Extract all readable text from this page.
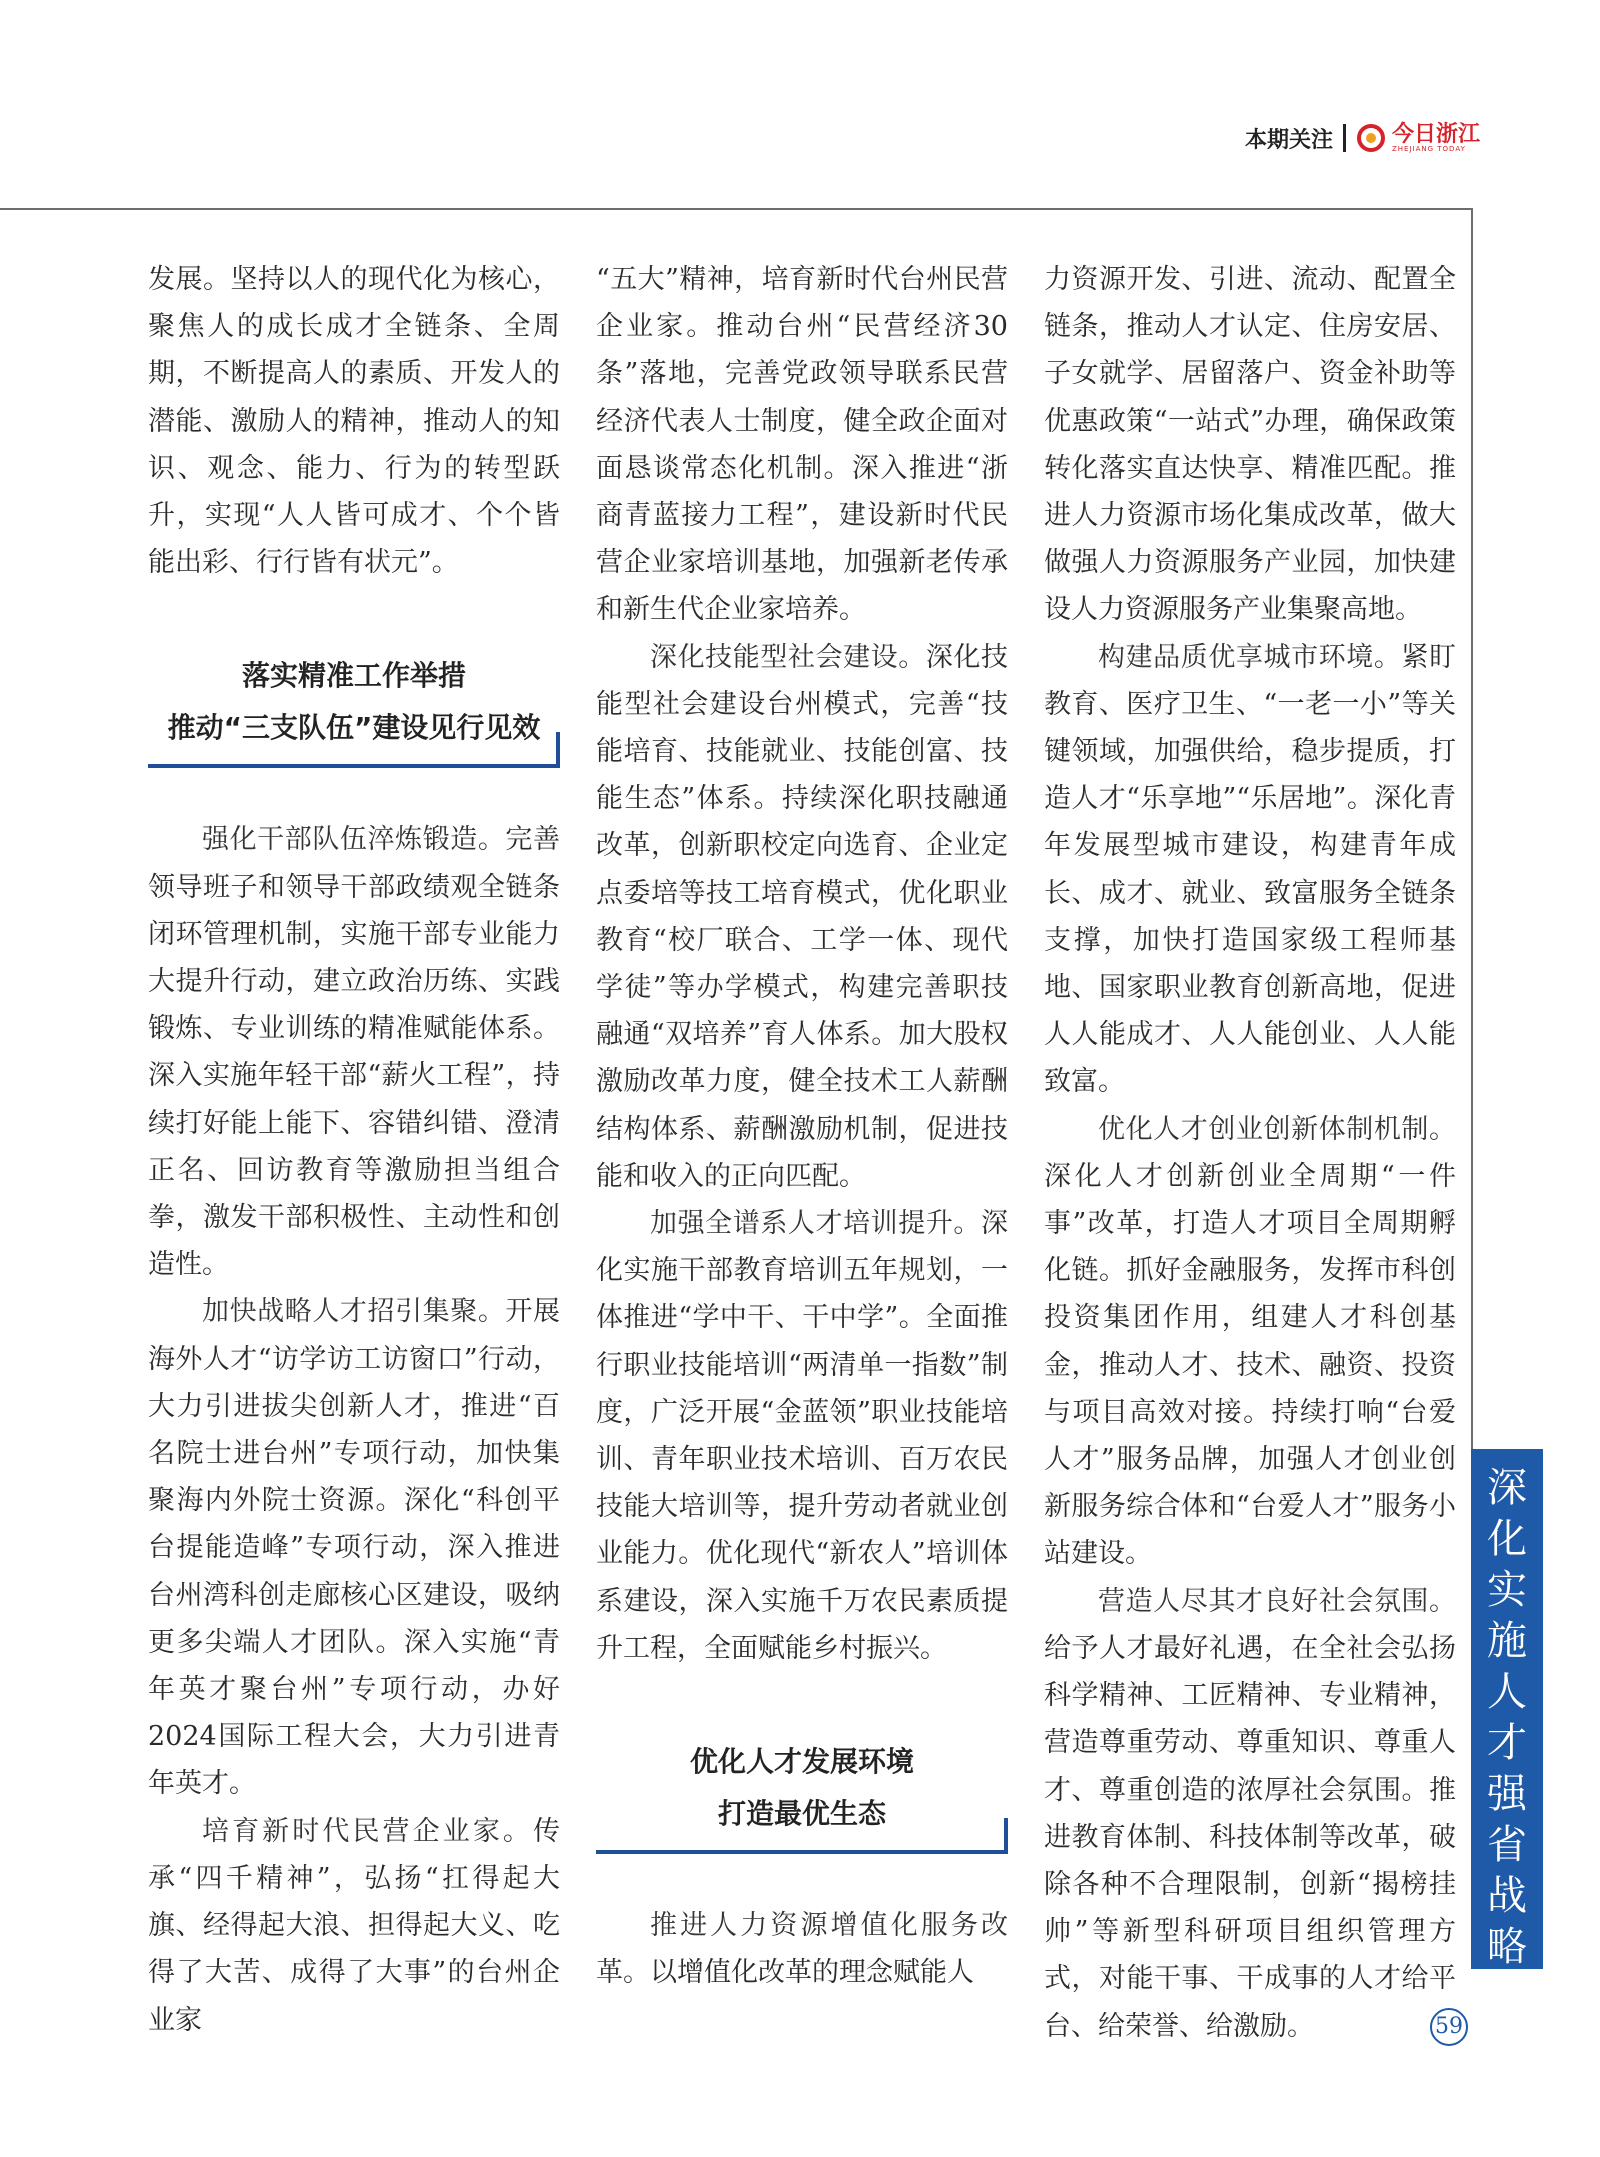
本期关注	今日浙江
ZHEJIANG TODAY

发展。坚持以人的现代化为核心，聚焦人的成长成才全链条、全周期，不断提高人的素质、开发人的潜能、激励人的精神，推动人的知识、观念、能力、行为的转型跃升，实现“人人皆可成才、个个皆能出彩、行行皆有状元”。

落实精准工作举措
推动“三支队伍”建设见行见效

强化干部队伍淬炼锻造。完善领导班子和领导干部政绩观全链条闭环管理机制，实施干部专业能力大提升行动，建立政治历练、实践锻炼、专业训练的精准赋能体系。深入实施年轻干部“薪火工程”，持续打好能上能下、容错纠错、澄清正名、回访教育等激励担当组合拳，激发干部积极性、主动性和创造性。

加快战略人才招引集聚。开展海外人才“访学访工访窗口”行动，大力引进拔尖创新人才，推进“百名院士进台州”专项行动，加快集聚海内外院士资源。深化“科创平台提能造峰”专项行动，深入推进台州湾科创走廊核心区建设，吸纳更多尖端人才团队。深入实施“青年英才聚台州”专项行动，办好2024国际工程大会，大力引进青年英才。

培育新时代民营企业家。传承“四千精神”，弘扬“扛得起大旗、经得起大浪、担得起大义、吃得了大苦、成得了大事”的台州企业家

“五大”精神，培育新时代台州民营企业家。推动台州“民营经济30条”落地，完善党政领导联系民营经济代表人士制度，健全政企面对面恳谈常态化机制。深入推进“浙商青蓝接力工程”，建设新时代民营企业家培训基地，加强新老传承和新生代企业家培养。

深化技能型社会建设。深化技能型社会建设台州模式，完善“技能培育、技能就业、技能创富、技能生态”体系。持续深化职技融通改革，创新职校定向选育、企业定点委培等技工培育模式，优化职业教育“校厂联合、工学一体、现代学徒”等办学模式，构建完善职技融通“双培养”育人体系。加大股权激励改革力度，健全技术工人薪酬结构体系、薪酬激励机制，促进技能和收入的正向匹配。

加强全谱系人才培训提升。深化实施干部教育培训五年规划，一体推进“学中干、干中学”。全面推行职业技能培训“两清单一指数”制度，广泛开展“金蓝领”职业技能培训、青年职业技术培训、百万农民技能大培训等，提升劳动者就业创业能力。优化现代“新农人”培训体系建设，深入实施千万农民素质提升工程，全面赋能乡村振兴。

优化人才发展环境
打造最优生态

推进人力资源增值化服务改革。以增值化改革的理念赋能人

力资源开发、引进、流动、配置全链条，推动人才认定、住房安居、子女就学、居留落户、资金补助等优惠政策“一站式”办理，确保政策转化落实直达快享、精准匹配。推进人力资源市场化集成改革，做大做强人力资源服务产业园，加快建设人力资源服务产业集聚高地。

构建品质优享城市环境。紧盯教育、医疗卫生、“一老一小”等关键领域，加强供给，稳步提质，打造人才“乐享地”“乐居地”。深化青年发展型城市建设，构建青年成长、成才、就业、致富服务全链条支撑，加快打造国家级工程师基地、国家职业教育创新高地，促进人人能成才、人人能创业、人人能致富。

优化人才创业创新体制机制。深化人才创新创业全周期“一件事”改革，打造人才项目全周期孵化链。抓好金融服务，发挥市科创投资集团作用，组建人才科创基金，推动人才、技术、融资、投资与项目高效对接。持续打响“台爱人才”服务品牌，加强人才创业创新服务综合体和“台爱人才”服务小站建设。

营造人尽其才良好社会氛围。给予人才最好礼遇，在全社会弘扬科学精神、工匠精神、专业精神，营造尊重劳动、尊重知识、尊重人才、尊重创造的浓厚社会氛围。推进教育体制、科技体制等改革，破除各种不合理限制，创新“揭榜挂帅”等新型科研项目组织管理方式，对能干事、干成事的人才给平台、给荣誉、给激励。

深
化
实
施
人
才
强
省
战
略
59
